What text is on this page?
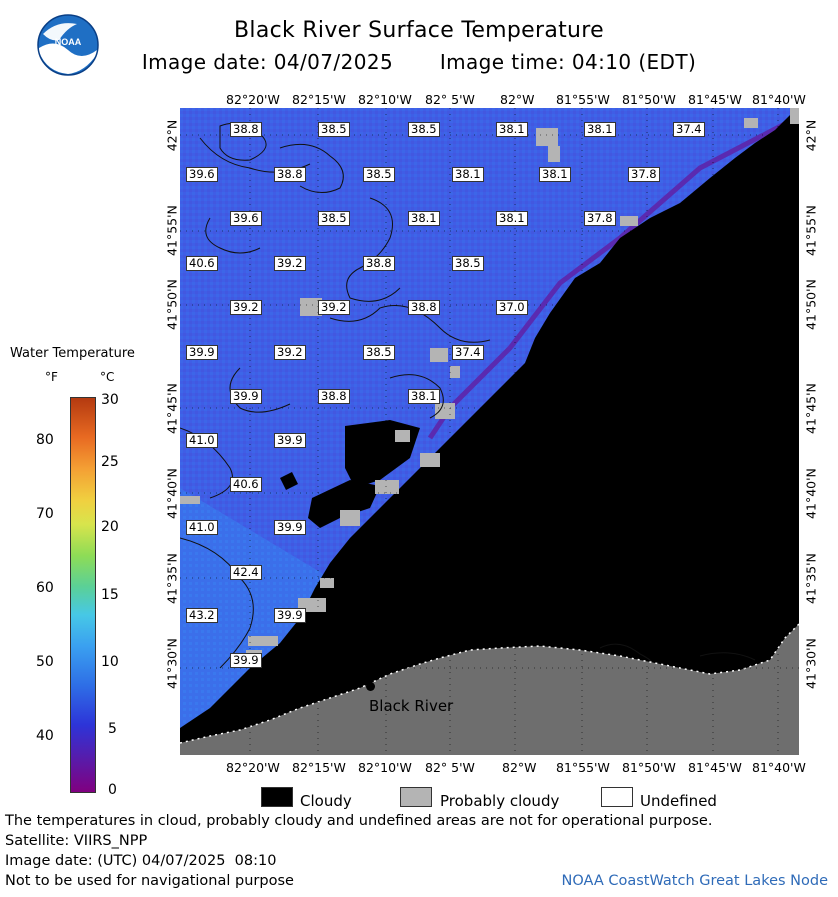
NOAA	Black River Surface Temperature
Image date: 04/07/2025 Image time: 04:10 (EDT)
38.8	38.5	38.5	38.1	38.1	37.4
39.6	38.8	38.5	38.1	38.1	37.8
39.6	38.5	38.1	38.1	37.8
40.6	39.2	38.8	38.5
39.2	39.2	38.8	37.0
39.9	39.2	38.5	37.4
39.9	38.8	38.1
41.0	39.9
40.6
41.0	39.9
42.4
43.2	39.9
39.9
Black River
82°20'W 82°15'W 82°10'W 82° 5'W 82°W 81°55'W 81°50'W 81°45'W 81°40'W
82°20'W 82°15'W 82°10'W 82° 5'W 82°W 81°55'W 81°50'W 81°45'W 81°40'W
42°N
41°55'N
41°50'N
41°45'N
41°40'N
41°35'N
41°30'N
42°N
41°55'N
41°50'N
41°45'N
41°40'N
41°35'N
41°30'N
Water Temperature
°F	°C
80
70
60
50
40
30
25
20
15
10
5
0
Cloudy	Probably cloudy	Undefined
The temperatures in cloud, probably cloudy and undefined areas are not for operational purpose.
Satellite: VIIRS_NPP
Image date: (UTC) 04/07/2025  08:10
Not to be used for navigational purpose	NOAA CoastWatch Great Lakes Node
